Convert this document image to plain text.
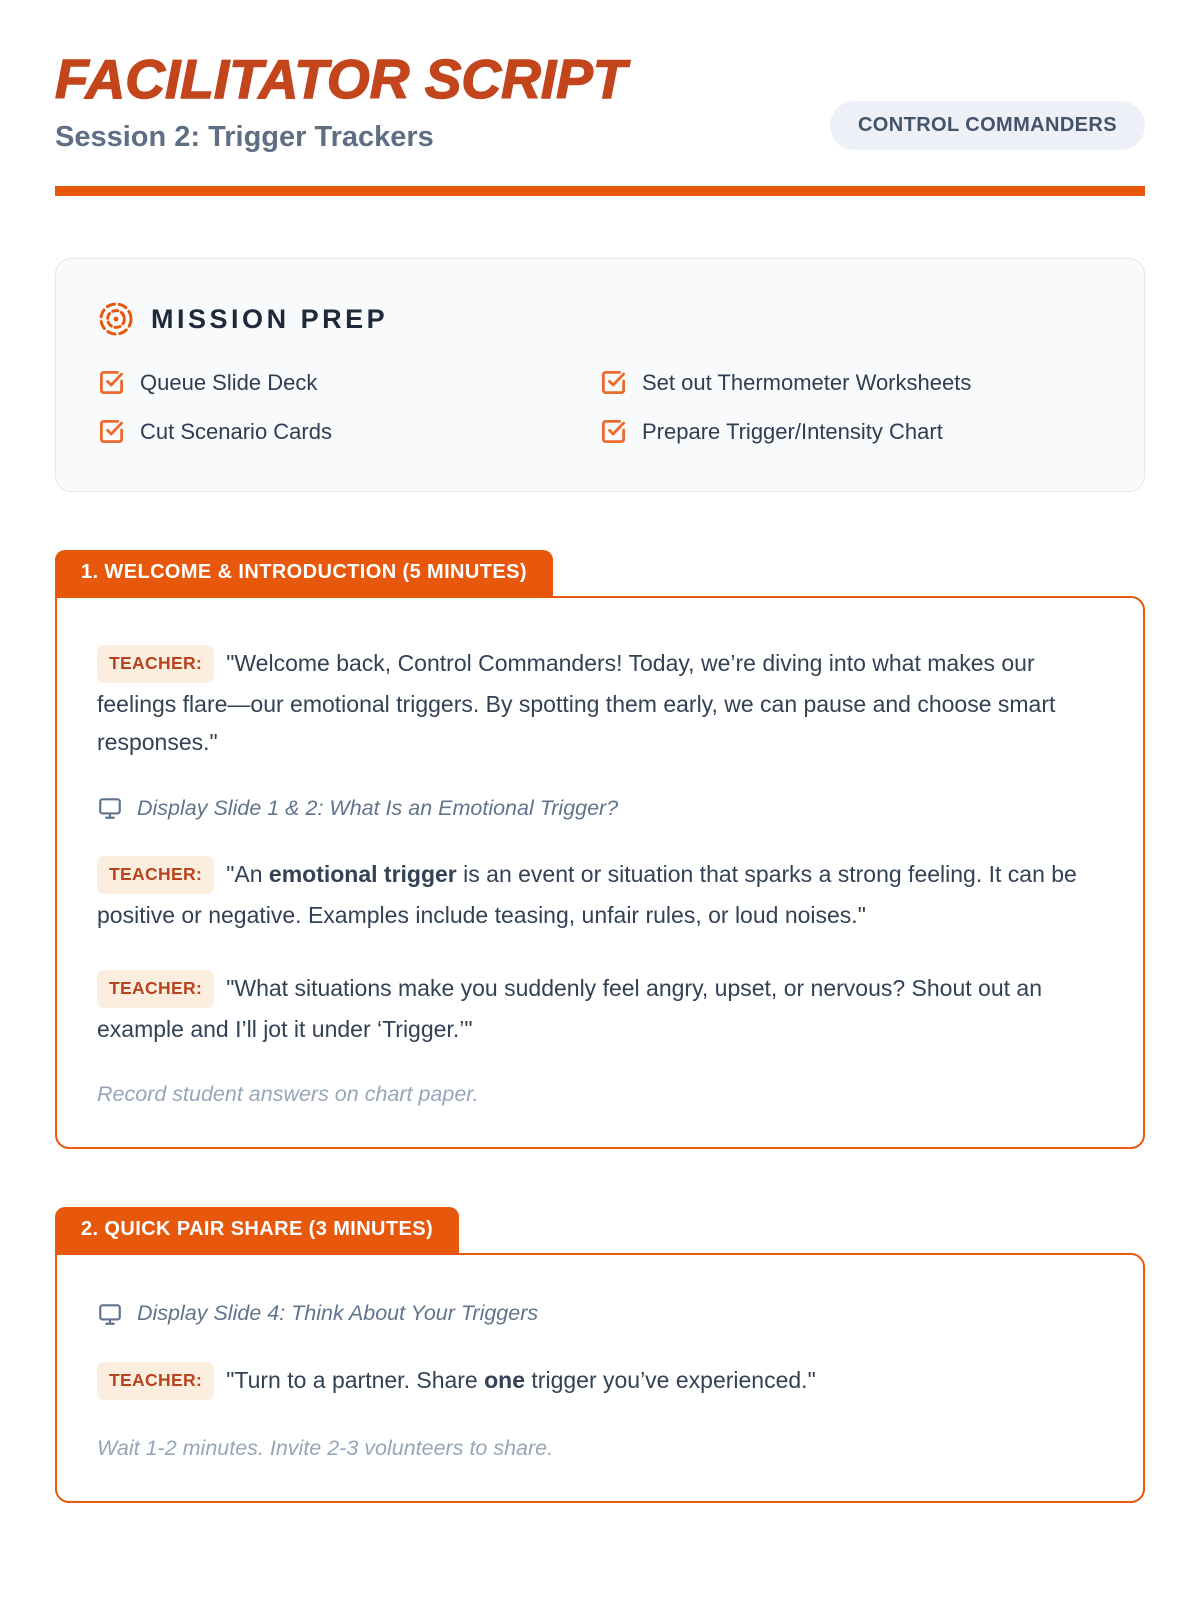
FACILITATOR SCRIPT
Session 2: Trigger Trackers	CONTROL COMMANDERS
MISSION PREP
Queue Slide Deck
Cut Scenario Cards
Set out Thermometer Worksheets
Prepare Trigger/Intensity Chart
1. WELCOME & INTRODUCTION (5 MINUTES)

TEACHER: "Welcome back, Control Commanders! Today, we’re diving into what makes our feelings flare—our emotional triggers. By spotting them early, we can pause and choose smart responses."

Display Slide 1 & 2: What Is an Emotional Trigger?

TEACHER: "An emotional trigger is an event or situation that sparks a strong feeling. It can be positive or negative. Examples include teasing, unfair rules, or loud noises."

TEACHER: "What situations make you suddenly feel angry, upset, or nervous? Shout out an example and I’ll jot it under ‘Trigger.’"

Record student answers on chart paper.

2. QUICK PAIR SHARE (3 MINUTES)
Display Slide 4: Think About Your Triggers

TEACHER: "Turn to a partner. Share one trigger you’ve experienced."

Wait 1-2 minutes. Invite 2-3 volunteers to share.
